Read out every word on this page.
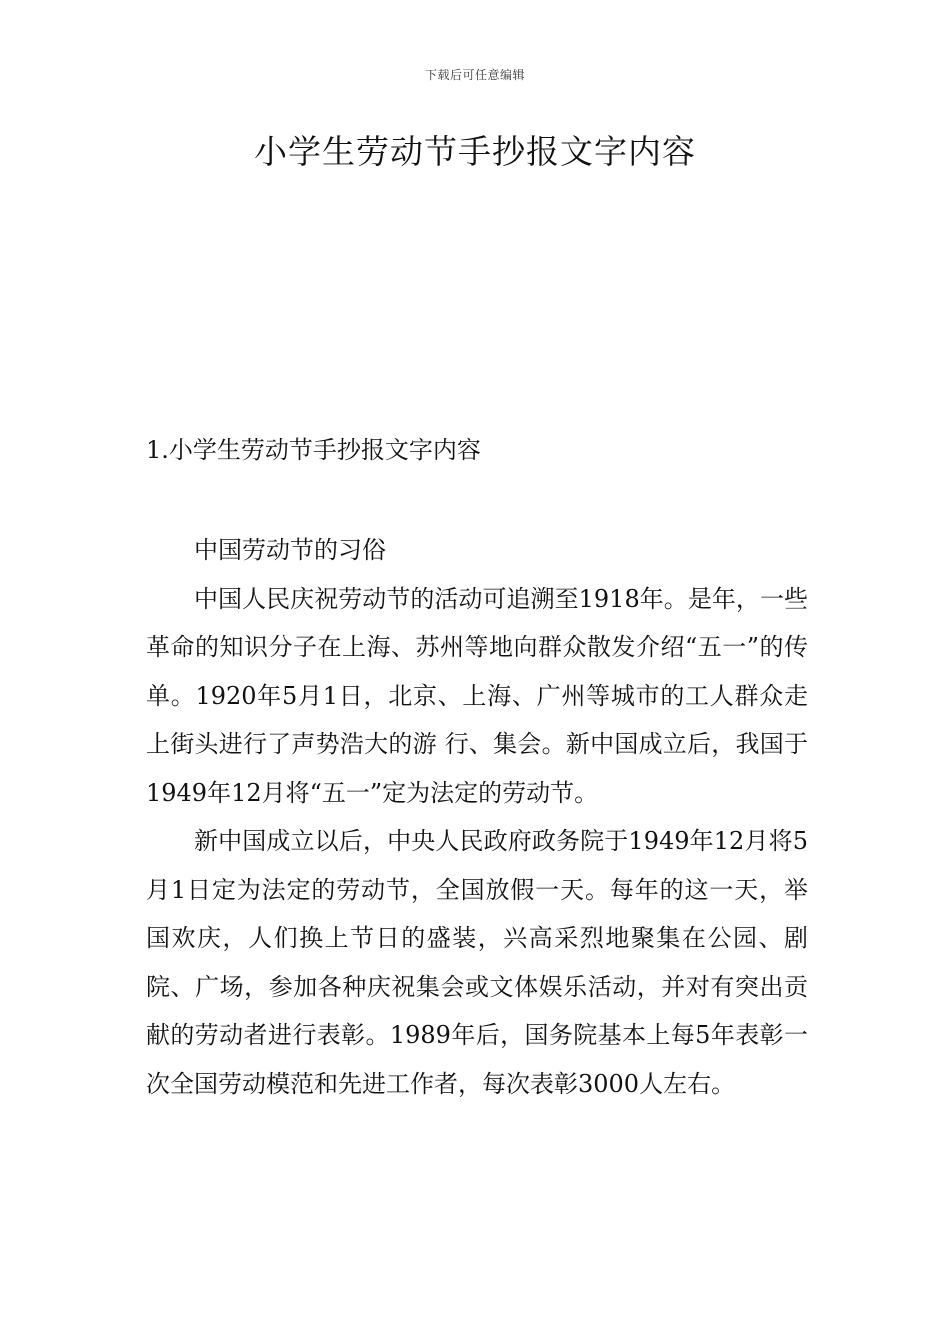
下载后可任意编辑
小学生劳动节手抄报文字内容
1.小学生劳动节手抄报文字内容

中国劳动节的习俗

中国人民庆祝劳动节的活动可追溯至1918年。是年，一些革命的知识分子在上海、苏州等地向群众散发介绍“五一”的传单。1920年5月1日，北京、上海、广州等城市的工人群众走上街头进行了声势浩大的游 行、集会。新中国成立后，我国于1949年12月将“五一”定为法定的劳动节。

新中国成立以后，中央人民政府政务院于1949年12月将5月1日定为法定的劳动节，全国放假一天。每年的这一天，举国欢庆，人们换上节日的盛装，兴高采烈地聚集在公园、剧院、广场，参加各种庆祝集会或文体娱乐活动，并对有突出贡献的劳动者进行表彰。1989年后，国务院基本上每5年表彰一次全国劳动模范和先进工作者，每次表彰3000人左右。
